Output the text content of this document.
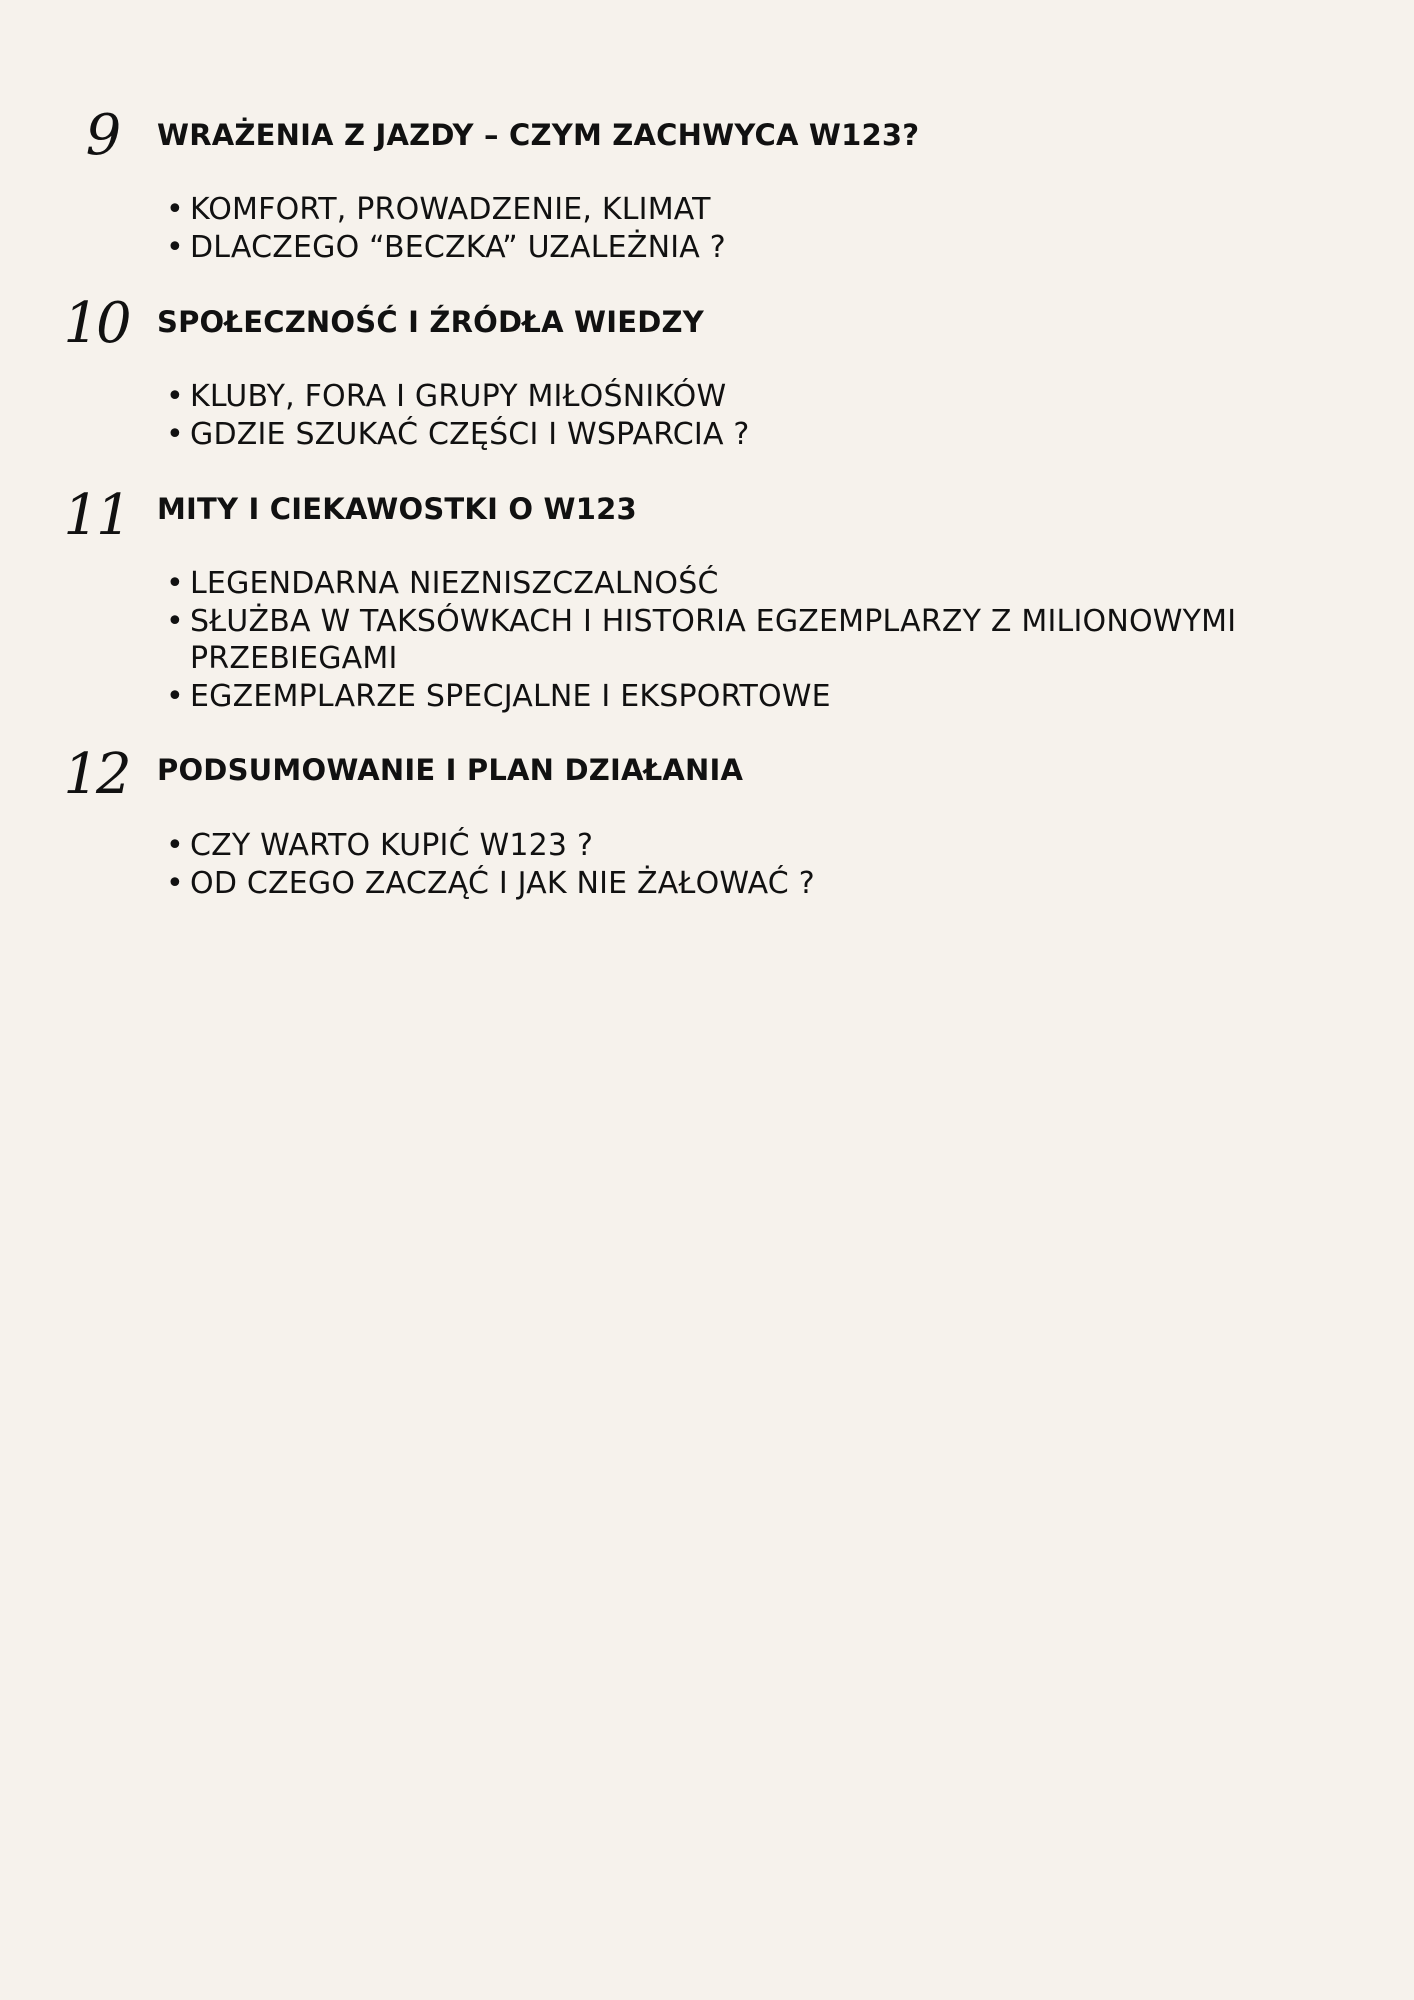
9	WRAŻENIA Z JAZDY – CZYM ZACHWYCA W123?
• KOMFORT, PROWADZENIE, KLIMAT
• DLACZEGO “BECZKA” UZALEŻNIA ?
10 SPOŁECZNOŚĆ I ŹRÓDŁA WIEDZY
• KLUBY, FORA I GRUPY MIŁOŚNIKÓW
• GDZIE SZUKAĆ CZĘŚCI I WSPARCIA ?
11 MITY I CIEKAWOSTKI O W123
• LEGENDARNA NIEZNISZCZALNOŚĆ
• SŁUŻBA W TAKSÓWKACH I HISTORIA EGZEMPLARZY Z MILIONOWYMI PRZEBIEGAMI
• EGZEMPLARZE SPECJALNE I EKSPORTOWE
12 PODSUMOWANIE I PLAN DZIAŁANIA
• CZY WARTO KUPIĆ W123 ?
• OD CZEGO ZACZĄĆ I JAK NIE ŻAŁOWAĆ ?
